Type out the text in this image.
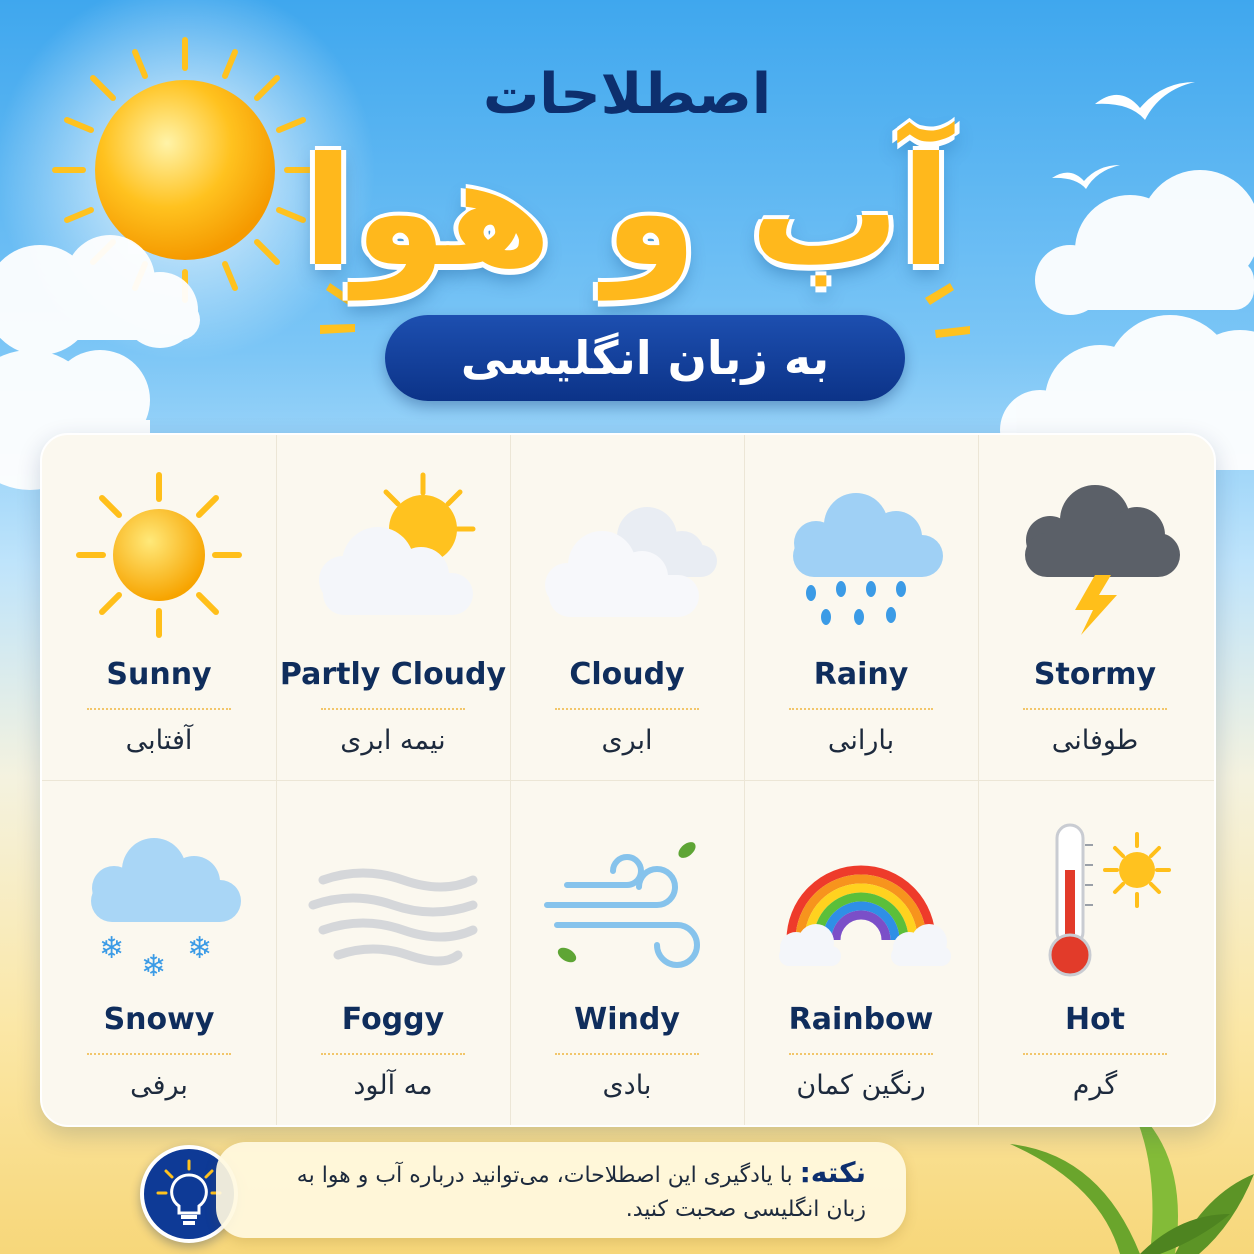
اصطلاحات
آب و هوا
به زبان انگلیسی
Sunny
آفتابی
Partly Cloudy
نیمه ابری
Cloudy
ابری
Rainy
بارانی
Stormy
طوفانی
❄ ❄
❄
Snowy
برفی
Foggy
مه آلود
Windy
بادی
Rainbow
رنگین کمان
Hot
گرم
نکته: با یادگیری این اصطلاحات، می‌توانید درباره آب و هوا به زبان انگلیسی صحبت کنید.
